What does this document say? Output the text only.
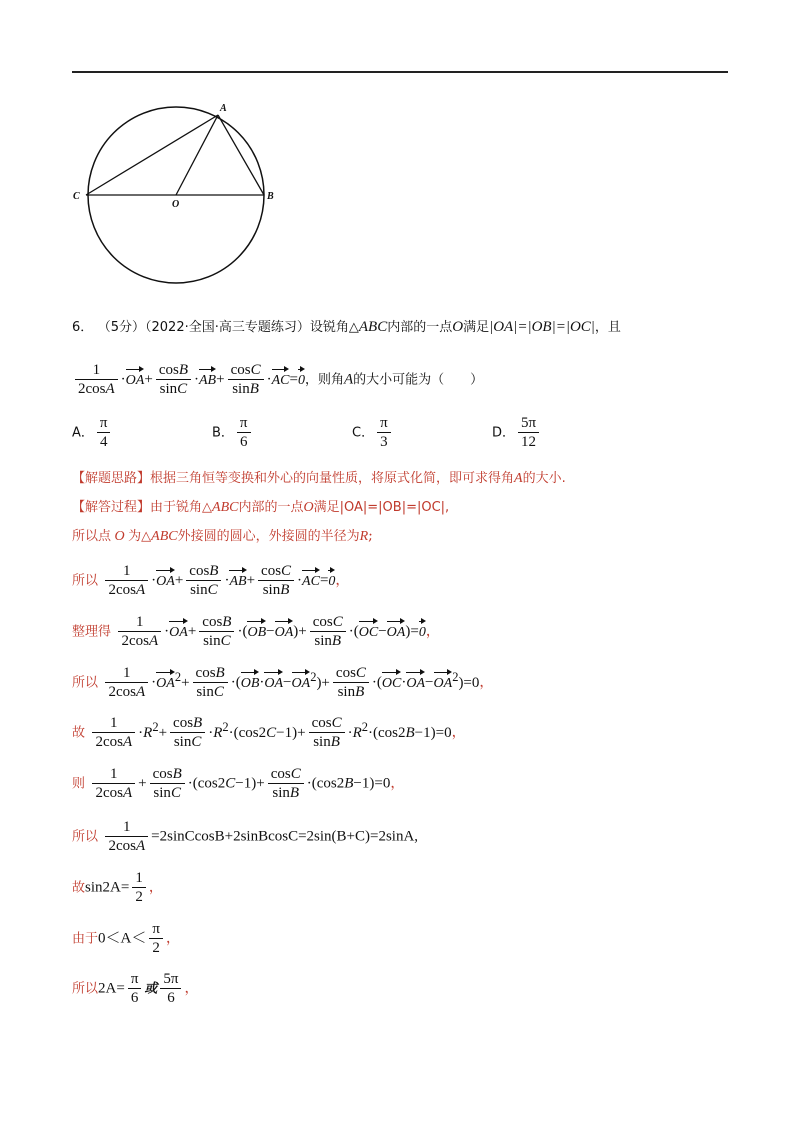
A
C
O
B
6． （5分）（2022·全国·高三专题练习）设锐角△ABC内部的一点O满足|OA|=|OB|=|OC|，且
$\frac{1}{2\cos A} \cdot OA+ \frac{\cos B}{\sin C} \cdot AB+ \frac{\cos C}{\sin B} \cdot AC=0$，则角A的大小可能为（　　）
A． $\frac{\pi}{4}$	B． $\frac{\pi}{6}$	C． $\frac{\pi}{3}$	D． $\frac{5\pi}{12}$
【解题思路】根据三角恒等变换和外心的向量性质，将原式化简，即可求得角A的大小.
【解答过程】由于锐角△ABC内部的一点O满足|OA|=|OB|=|OC|,
所以点 O 为△ABC外接圆的圆心，外接圆的半径为R;
所以 $\frac{1}{2\cos A} \cdot OA+ \frac{\cos B}{\sin C} \cdot AB+ \frac{\cos C}{\sin B} \cdot AC=0$，
整理得 $\frac{1}{2\cos A} \cdot OA+ \frac{\cos B}{\sin C} \cdot(OB-OA)+ \frac{\cos C}{\sin B} \cdot(OC-OA)=0$，
所以 $\frac{1}{2\cos A} \cdot OA^2+ \frac{\cos B}{\sin C} \cdot(OB\cdot OA-OA^2)+ \frac{\cos C}{\sin B} \cdot(OC\cdot OA-OA^2)=0$，
故 $\frac{1}{2\cos A} \cdot R^2+ \frac{\cos B}{\sin C} \cdot R^2\cdot(\cos 2C-1)+ \frac{\cos C}{\sin B} \cdot R^2\cdot(\cos 2B-1)=0$，
则 $\frac{1}{2\cos A} + \frac{\cos B}{\sin C} \cdot(\cos 2C-1)+ \frac{\cos C}{\sin B} \cdot(\cos 2B-1)=0$，
所以 $\frac{1}{2\cos A}$ =2sinCcosB+2sinBcosC=2sin(B+C)=2sinA,
故$\sin 2A= \frac{1}{2}$ ，
由于$0<A< \frac{\pi}{2}$ ，
所以$2A= \frac{\pi}{6}$ 或 $\frac{5\pi}{6}$ ，
